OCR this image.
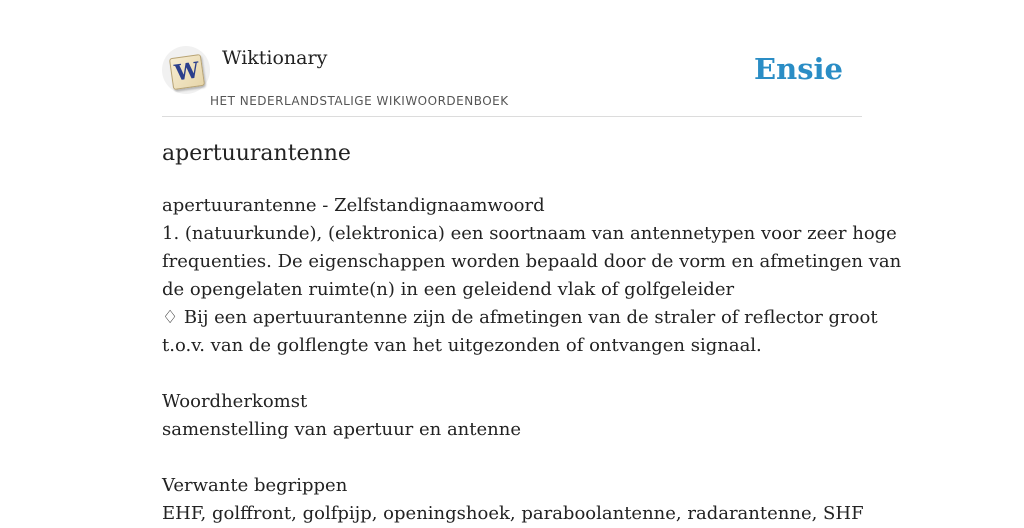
W Wiktionary
HET NEDERLANDSTALIGE WIKIWOORDENBOEK
Ensie
apertuurantenne
apertuurantenne - Zelfstandignaamwoord
1. (natuurkunde), (elektronica) een soortnaam van antennetypen voor zeer hoge
frequenties. De eigenschappen worden bepaald door de vorm en afmetingen van
de opengelaten ruimte(n) in een geleidend vlak of golfgeleider
♢ Bij een apertuurantenne zijn de afmetingen van de straler of reflector groot
t.o.v. van de golflengte van het uitgezonden of ontvangen signaal.
Woordherkomst
samenstelling van apertuur en antenne
Verwante begrippen
EHF, golffront, golfpijp, openingshoek, paraboolantenne, radarantenne, SHF
